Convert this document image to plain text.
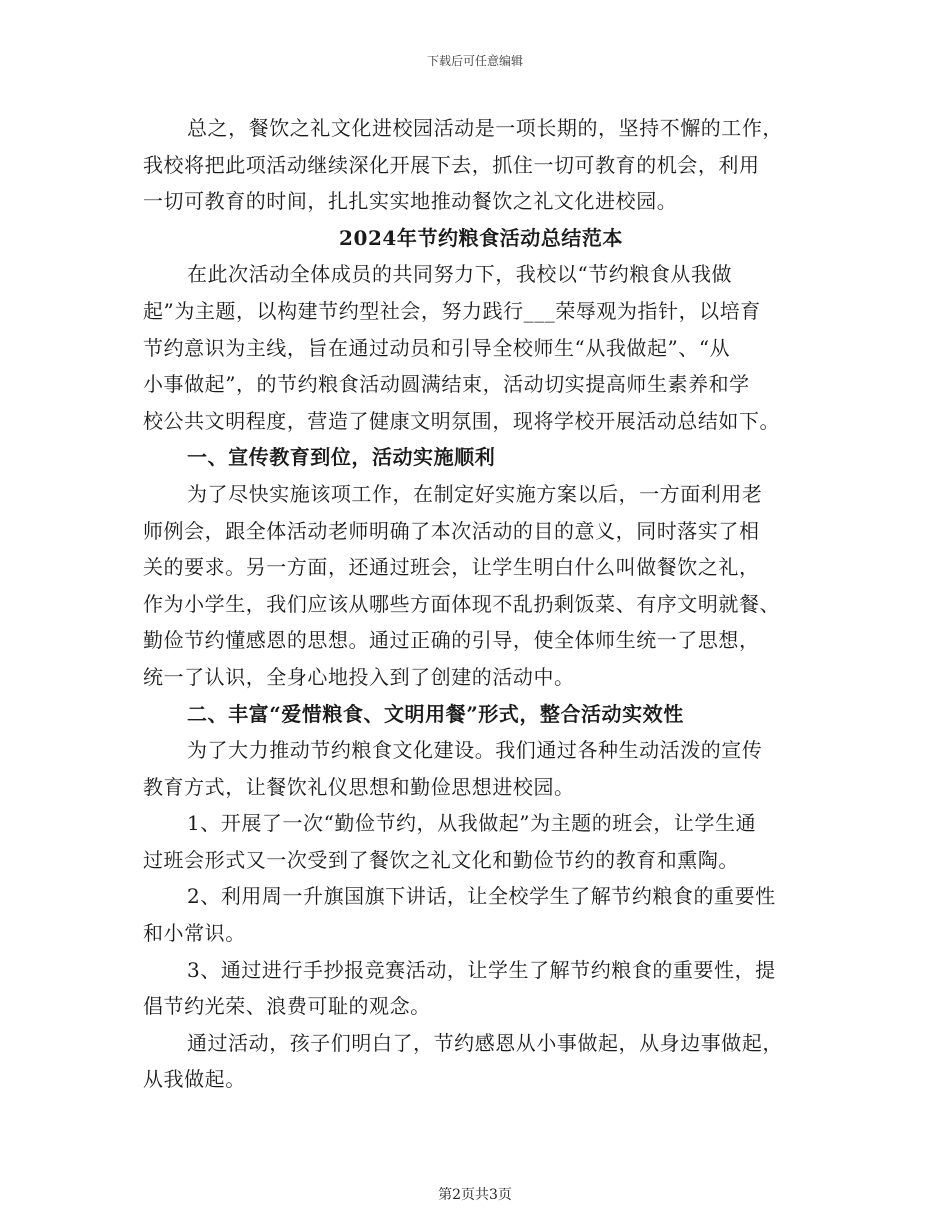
下载后可任意编辑

总之，餐饮之礼文化进校园活动是一项长期的，坚持不懈的工作，

我校将把此项活动继续深化开展下去，抓住一切可教育的机会，利用

一切可教育的时间，扎扎实实地推动餐饮之礼文化进校园。

2024年节约粮食活动总结范本

在此次活动全体成员的共同努力下，我校以“节约粮食从我做

起”为主题，以构建节约型社会，努力践行___荣辱观为指针，以培育

节约意识为主线，旨在通过动员和引导全校师生“从我做起”、“从

小事做起”，的节约粮食活动圆满结束，活动切实提高师生素养和学

校公共文明程度，营造了健康文明氛围，现将学校开展活动总结如下。

一、宣传教育到位，活动实施顺利

为了尽快实施该项工作，在制定好实施方案以后，一方面利用老

师例会，跟全体活动老师明确了本次活动的目的意义，同时落实了相

关的要求。另一方面，还通过班会，让学生明白什么叫做餐饮之礼，

作为小学生，我们应该从哪些方面体现不乱扔剩饭菜、有序文明就餐、

勤俭节约懂感恩的思想。通过正确的引导，使全体师生统一了思想，

统一了认识，全身心地投入到了创建的活动中。

二、丰富“爱惜粮食、文明用餐”形式，整合活动实效性

为了大力推动节约粮食文化建设。我们通过各种生动活泼的宣传

教育方式，让餐饮礼仪思想和勤俭思想进校园。

1、开展了一次“勤俭节约，从我做起”为主题的班会，让学生通

过班会形式又一次受到了餐饮之礼文化和勤俭节约的教育和熏陶。

2、利用周一升旗国旗下讲话，让全校学生了解节约粮食的重要性

和小常识。

3、通过进行手抄报竞赛活动，让学生了解节约粮食的重要性，提

倡节约光荣、浪费可耻的观念。

通过活动，孩子们明白了，节约感恩从小事做起，从身边事做起，

从我做起。

第2页共3页
